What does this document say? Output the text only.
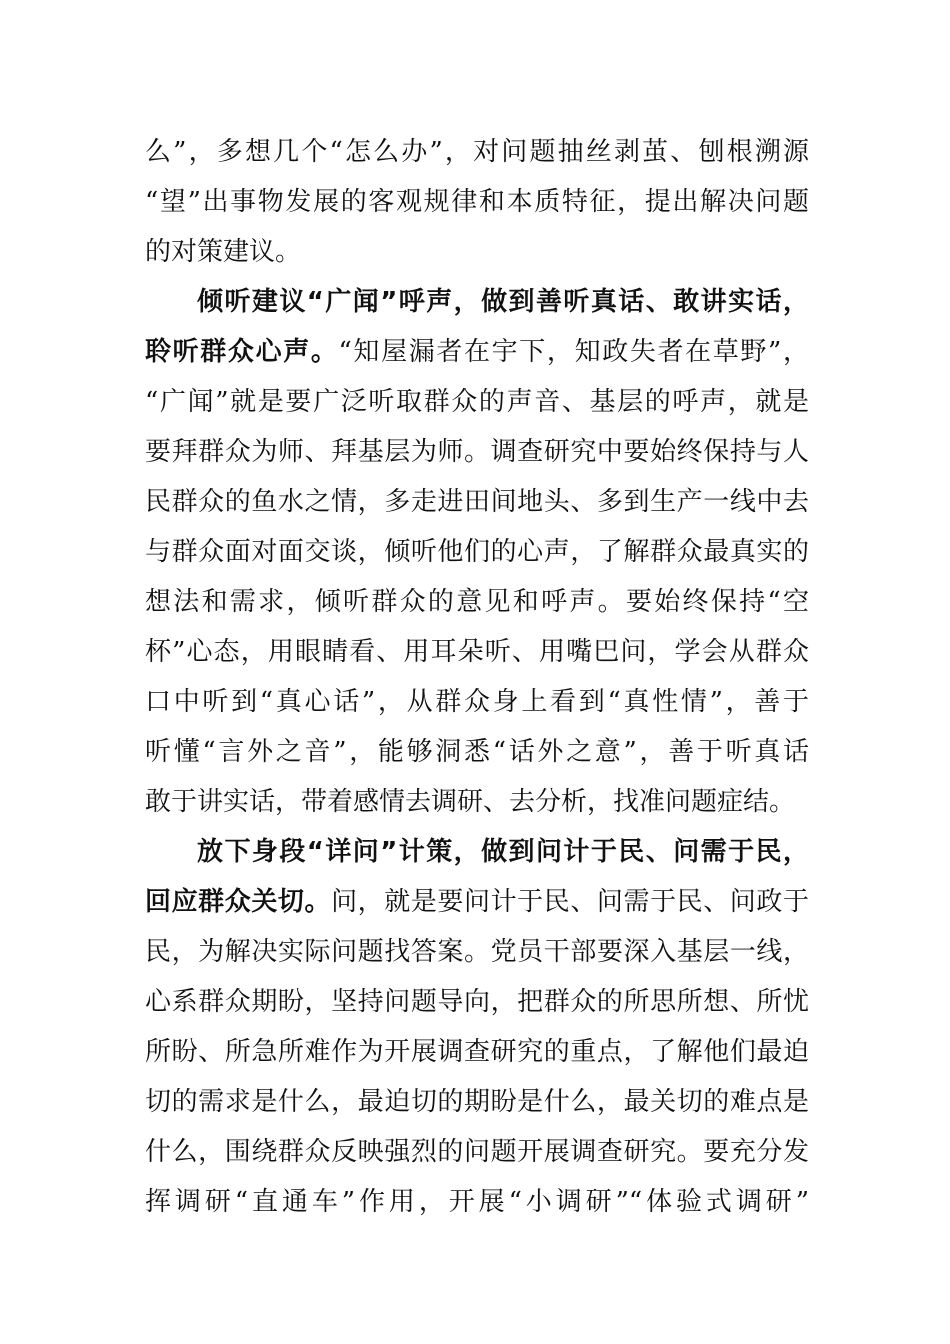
么”，多想几个“怎么办”，对问题抽丝剥茧、刨根溯源
“望”出事物发展的客观规律和本质特征，提出解决问题
的对策建议。
倾听建议“广闻”呼声，做到善听真话、敢讲实话，
聆听群众心声。“知屋漏者在宇下，知政失者在草野”，
“广闻”就是要广泛听取群众的声音、基层的呼声，就是
要拜群众为师、拜基层为师。调查研究中要始终保持与人
民群众的鱼水之情，多走进田间地头、多到生产一线中去
与群众面对面交谈，倾听他们的心声，了解群众最真实的
想法和需求，倾听群众的意见和呼声。要始终保持“空
杯”心态，用眼睛看、用耳朵听、用嘴巴问，学会从群众
口中听到“真心话”，从群众身上看到“真性情”，善于
听懂“言外之音”，能够洞悉“话外之意”，善于听真话
敢于讲实话，带着感情去调研、去分析，找准问题症结。
放下身段“详问”计策，做到问计于民、问需于民，
回应群众关切。问，就是要问计于民、问需于民、问政于
民，为解决实际问题找答案。党员干部要深入基层一线，
心系群众期盼，坚持问题导向，把群众的所思所想、所忧
所盼、所急所难作为开展调查研究的重点，了解他们最迫
切的需求是什么，最迫切的期盼是什么，最关切的难点是
什么，围绕群众反映强烈的问题开展调查研究。要充分发
挥调研“直通车”作用，开展“小调研”“体验式调研”
